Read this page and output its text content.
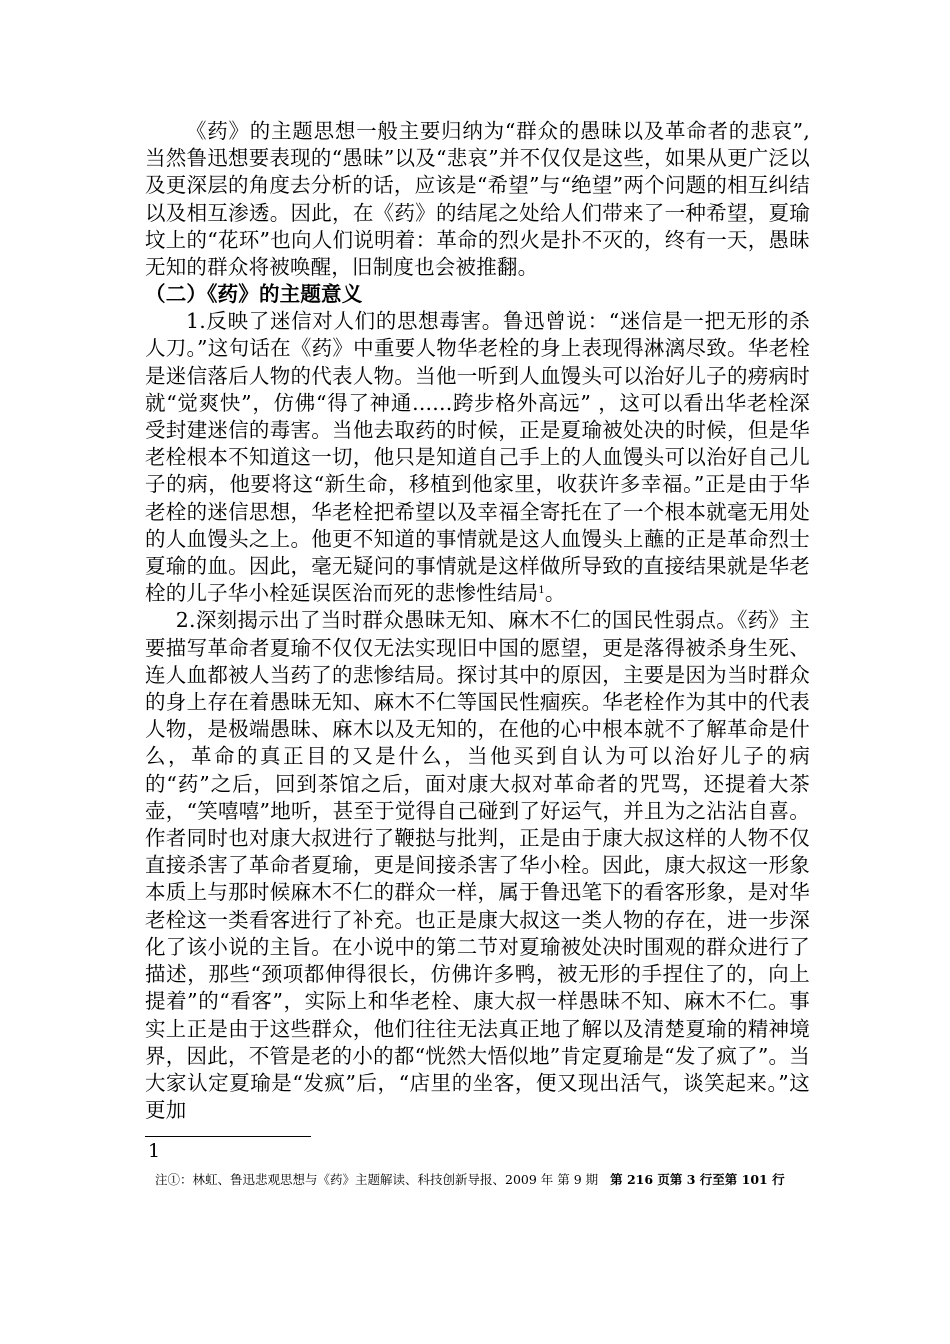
《药》的主题思想一般主要归纳为“群众的愚昧以及革命者的悲哀”,当然鲁迅想要表现的“愚昧”以及“悲哀”并不仅仅是这些，如果从更广泛以及更深层的角度去分析的话，应该是“希望”与“绝望”两个问题的相互纠结以及相互渗透。因此，在《药》的结尾之处给人们带来了一种希望，夏瑜坟上的“花环”也向人们说明着：革命的烈火是扑不灭的，终有一天，愚昧无知的群众将被唤醒，旧制度也会被推翻。

（二）《药》的主题意义

1.反映了迷信对人们的思想毒害。鲁迅曾说：“迷信是一把无形的杀人刀。”这句话在《药》中重要人物华老栓的身上表现得淋漓尽致。华老栓是迷信落后人物的代表人物。当他一听到人血馒头可以治好儿子的痨病时就“觉爽快”，仿佛“得了神通......跨步格外高远” ，这可以看出华老栓深受封建迷信的毒害。当他去取药的时候，正是夏瑜被处决的时候，但是华老栓根本不知道这一切，他只是知道自己手上的人血馒头可以治好自己儿子的病，他要将这“新生命，移植到他家里，收获许多幸福。”正是由于华老栓的迷信思想，华老栓把希望以及幸福全寄托在了一个根本就毫无用处的人血馒头之上。他更不知道的事情就是这人血馒头上蘸的正是革命烈士夏瑜的血。因此，毫无疑问的事情就是这样做所导致的直接结果就是华老栓的儿子华小栓延误医治而死的悲惨性结局$^1$。

2.深刻揭示出了当时群众愚昧无知、麻木不仁的国民性弱点。《药》主要描写革命者夏瑜不仅仅无法实现旧中国的愿望，更是落得被杀身生死、连人血都被人当药了的悲惨结局。探讨其中的原因，主要是因为当时群众的身上存在着愚昧无知、麻木不仁等国民性痼疾。华老栓作为其中的代表人物，是极端愚昧、麻木以及无知的，在他的心中根本就不了解革命是什么，革命的真正目的又是什么，当他买到自认为可以治好儿子的病的“药”之后，回到茶馆之后，面对康大叔对革命者的咒骂，还提着大茶壶，“笑嘻嘻”地听，甚至于觉得自己碰到了好运气，并且为之沾沾自喜。作者同时也对康大叔进行了鞭挞与批判，正是由于康大叔这样的人物不仅直接杀害了革命者夏瑜，更是间接杀害了华小栓。因此，康大叔这一形象本质上与那时候麻木不仁的群众一样，属于鲁迅笔下的看客形象，是对华老栓这一类看客进行了补充。也正是康大叔这一类人物的存在，进一步深化了该小说的主旨。在小说中的第二节对夏瑜被处决时围观的群众进行了描述，那些“颈项都伸得很长，仿佛许多鸭，被无形的手捏住了的，向上提着”的“看客”，实际上和华老栓、康大叔一样愚昧不知、麻木不仁。事实上正是由于这些群众，他们往往无法真正地了解以及清楚夏瑜的精神境界，因此，不管是老的小的都“恍然大悟似地”肯定夏瑜是“发了疯了”。当大家认定夏瑜是“发疯”后，“店里的坐客，便又现出活气，谈笑起来。”这更加

1
注①：林虹、鲁迅悲观思想与《药》主题解读、科技创新导报、2009 年 第 9 期 第 216 页第 3 行至第 101 行
